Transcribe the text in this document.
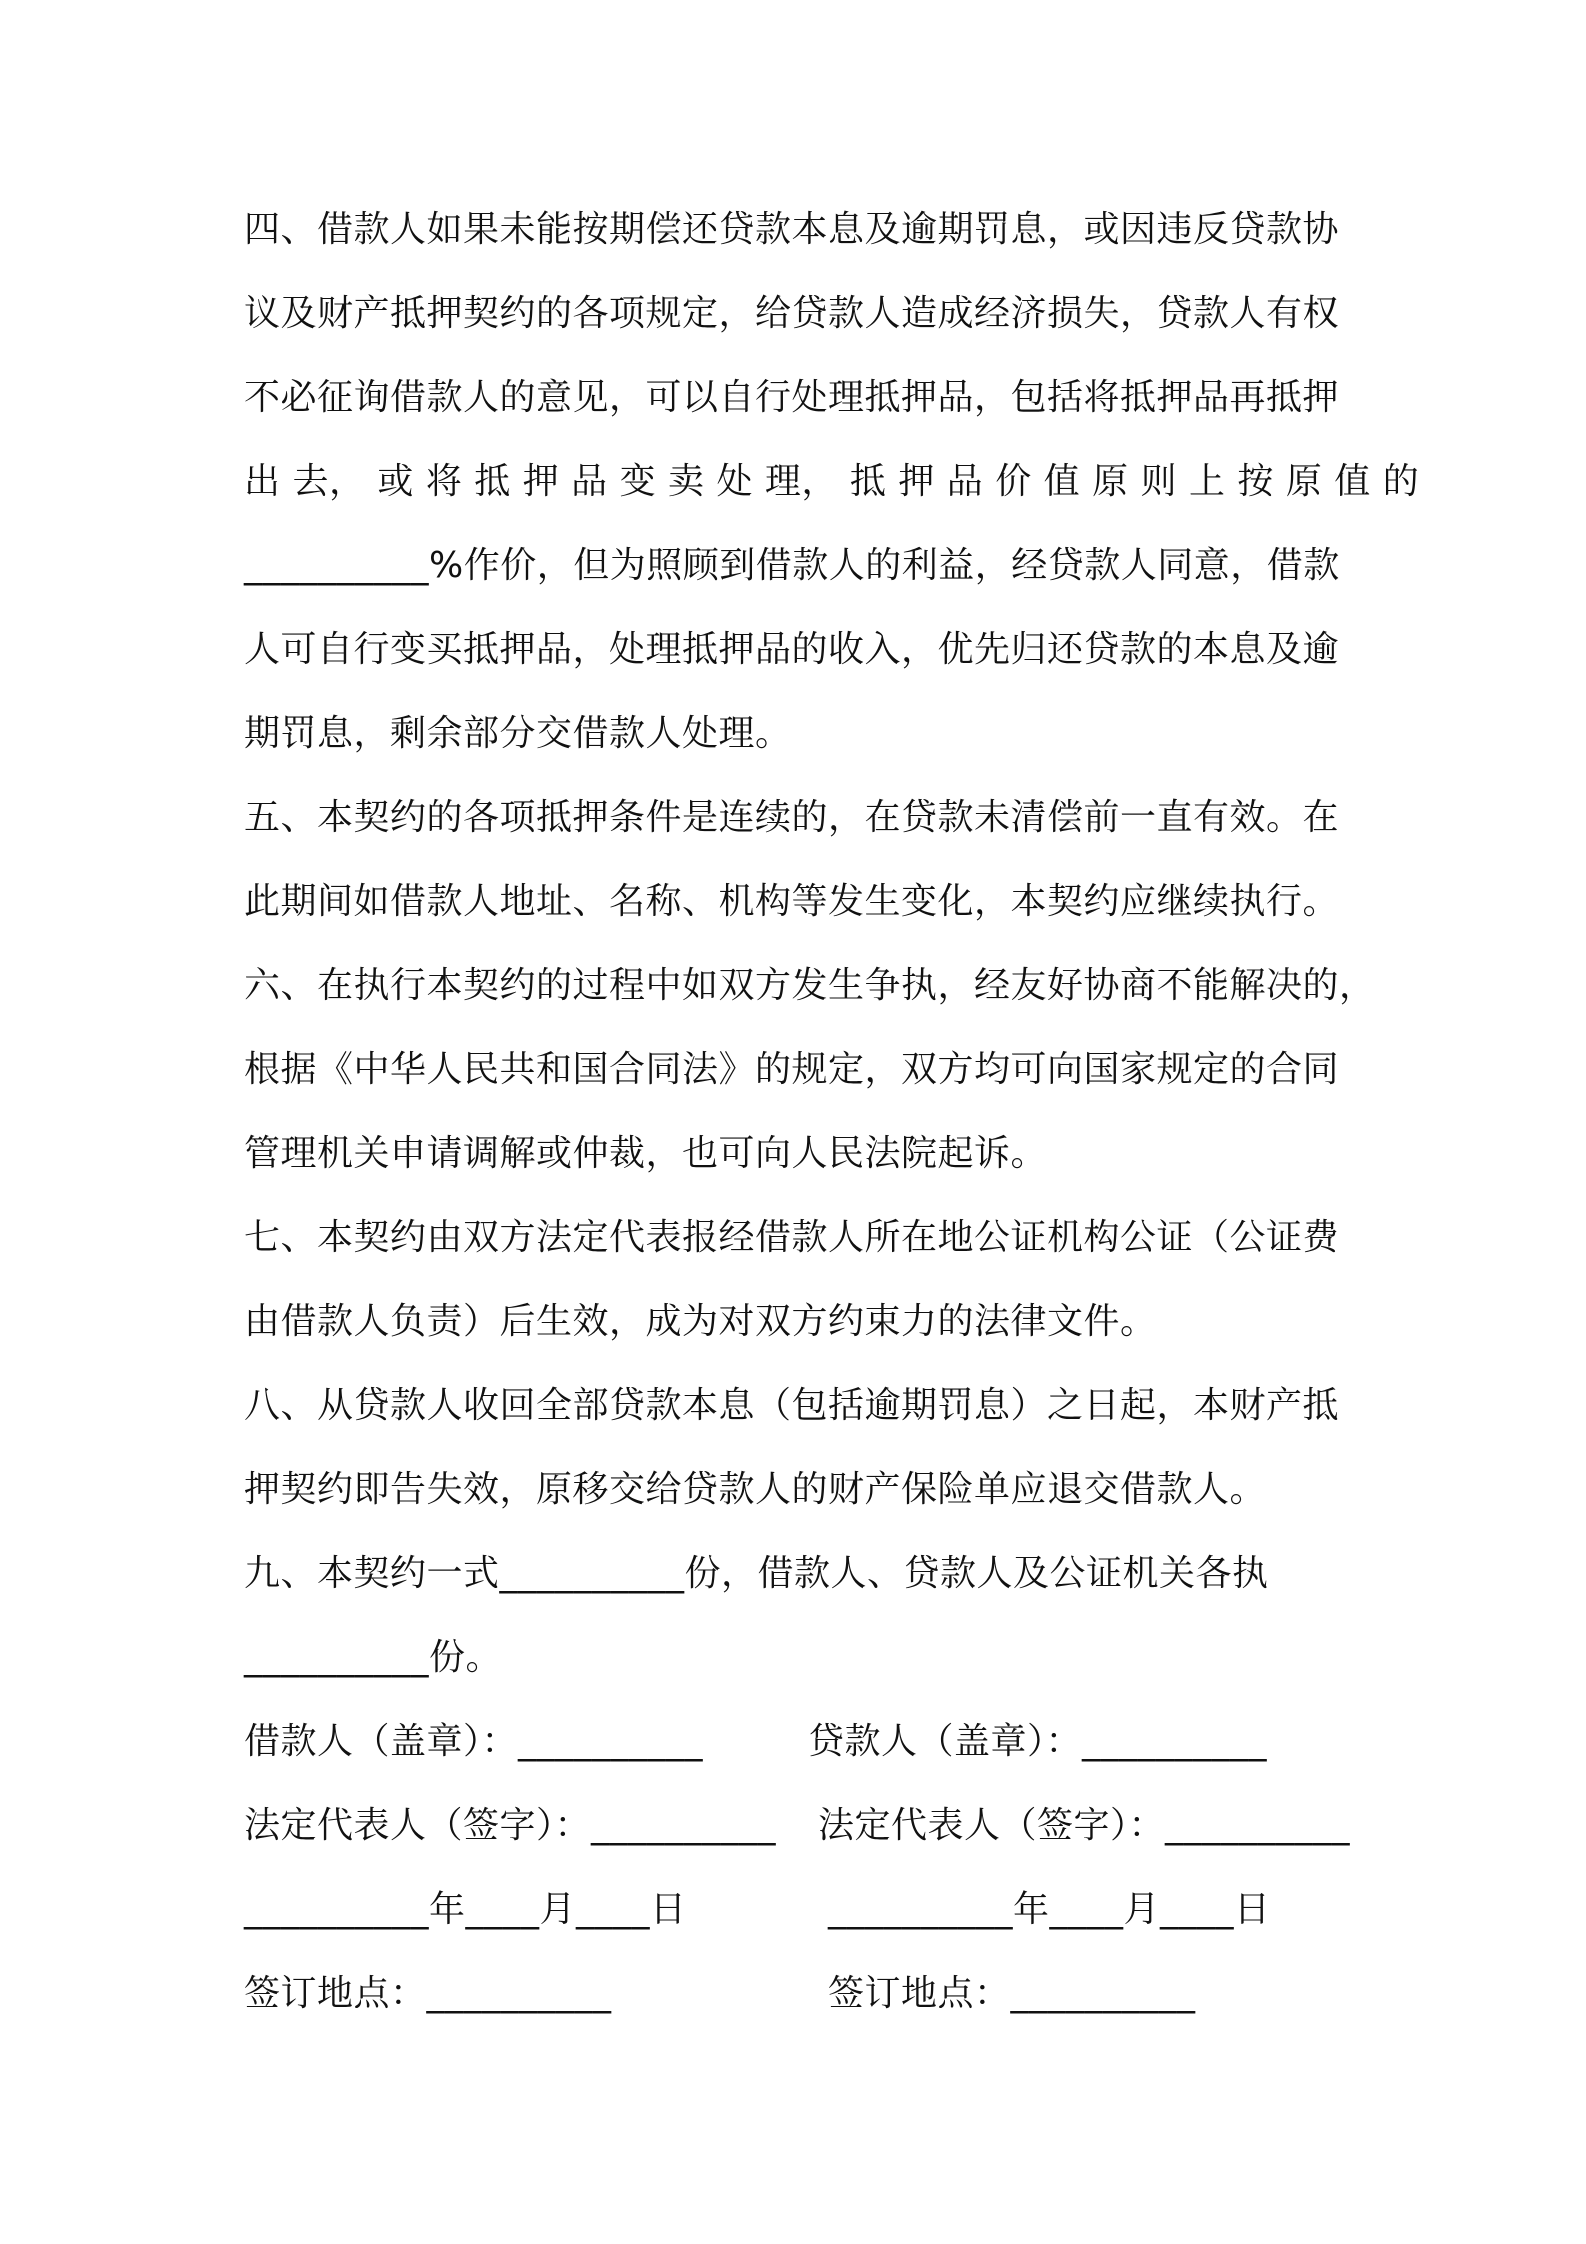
四、借款人如果未能按期偿还贷款本息及逾期罚息，或因违反贷款协
议及财产抵押契约的各项规定，给贷款人造成经济损失，贷款人有权
不必征询借款人的意见，可以自行处理抵押品，包括将抵押品再抵押
出 去， 或 将 抵 押 品 变 卖 处 理， 抵 押 品 价 值 原 则 上 按 原 值 的
__________%作价，但为照顾到借款人的利益，经贷款人同意，借款
人可自行变买抵押品，处理抵押品的收入，优先归还贷款的本息及逾
期罚息，剩余部分交借款人处理。
五、本契约的各项抵押条件是连续的，在贷款未清偿前一直有效。在
此期间如借款人地址、名称、机构等发生变化，本契约应继续执行。
六、在执行本契约的过程中如双方发生争执，经友好协商不能解决的，
根据《中华人民共和国合同法》的规定，双方均可向国家规定的合同
管理机关申请调解或仲裁，也可向人民法院起诉。
七、本契约由双方法定代表报经借款人所在地公证机构公证（公证费
由借款人负责）后生效，成为对双方约束力的法律文件。
八、从贷款人收回全部贷款本息（包括逾期罚息）之日起，本财产抵
押契约即告失效，原移交给贷款人的财产保险单应退交借款人。
九、本契约一式__________份，借款人、贷款人及公证机关各执
__________份。
借款人（盖章）：__________	贷款人（盖章）：__________
法定代表人（签字）：__________ 法定代表人（签字）：__________
__________年____月____日	__________年____月____日
签订地点：__________	签订地点：__________
